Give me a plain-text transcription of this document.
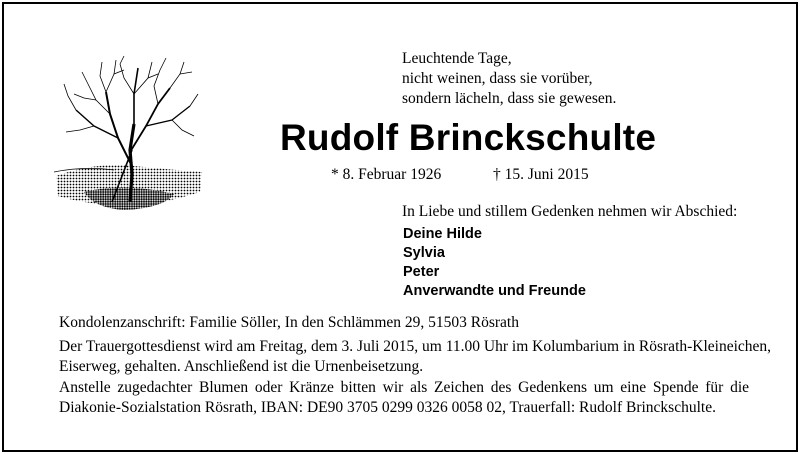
Leuchtende Tage,
nicht weinen, dass sie vorüber,
sondern lächeln, dass sie gewesen.
Rudolf Brinckschulte
* 8. Februar 1926	† 15. Juni 2015
In Liebe und stillem Gedenken nehmen wir Abschied:
Deine Hilde
Sylvia
Peter
Anverwandte und Freunde
Kondolenzanschrift: Familie Söller, In den Schlämmen 29, 51503 Rösrath
Der Trauergottesdienst wird am Freitag, dem 3. Juli 2015, um 11.00 Uhr im Kolumbarium in Rösrath-Kleineichen,
Eiserweg, gehalten. Anschließend ist die Urnenbeisetzung.
Anstelle zugedachter Blumen oder Kränze bitten wir als Zeichen des Gedenkens um eine Spende für die
Diakonie-Sozialstation Rösrath, IBAN: DE90 3705 0299 0326 0058 02, Trauerfall: Rudolf Brinckschulte.
